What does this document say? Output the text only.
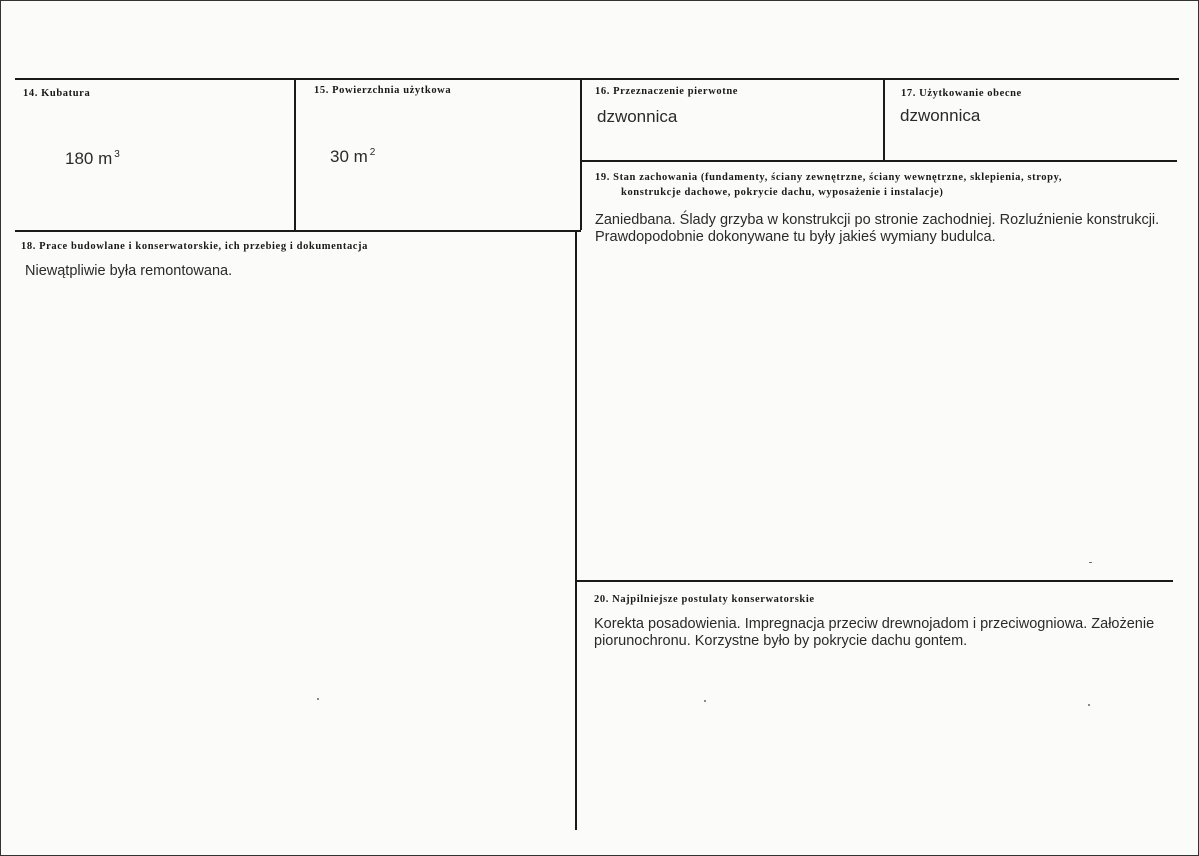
14. Kubatura
180 m $^3$
15. Powierzchnia użytkowa
30 m $^2$
16. Przeznaczenie pierwotne
dzwonnica
17. Użytkowanie obecne
dzwonnica
19. Stan zachowania (fundamenty, ściany zewnętrzne, ściany wewnętrzne, sklepienia, stropy,
konstrukcje dachowe, pokrycie dachu, wyposażenie i instalacje)
Zaniedbana. Ślady grzyba w konstrukcji po stronie zachodniej. Rozluźnienie konstrukcji.
Prawdopodobnie dokonywane tu były jakieś wymiany budulca.
18. Prace budowlane i konserwatorskie, ich przebieg i dokumentacja
Niewątpliwie była remontowana.
20. Najpilniejsze postulaty konserwatorskie
Korekta posadowienia. Impregnacja przeciw drewnojadom i przeciwogniowa. Założenie
piorunochronu. Korzystne było by pokrycie dachu gontem.
